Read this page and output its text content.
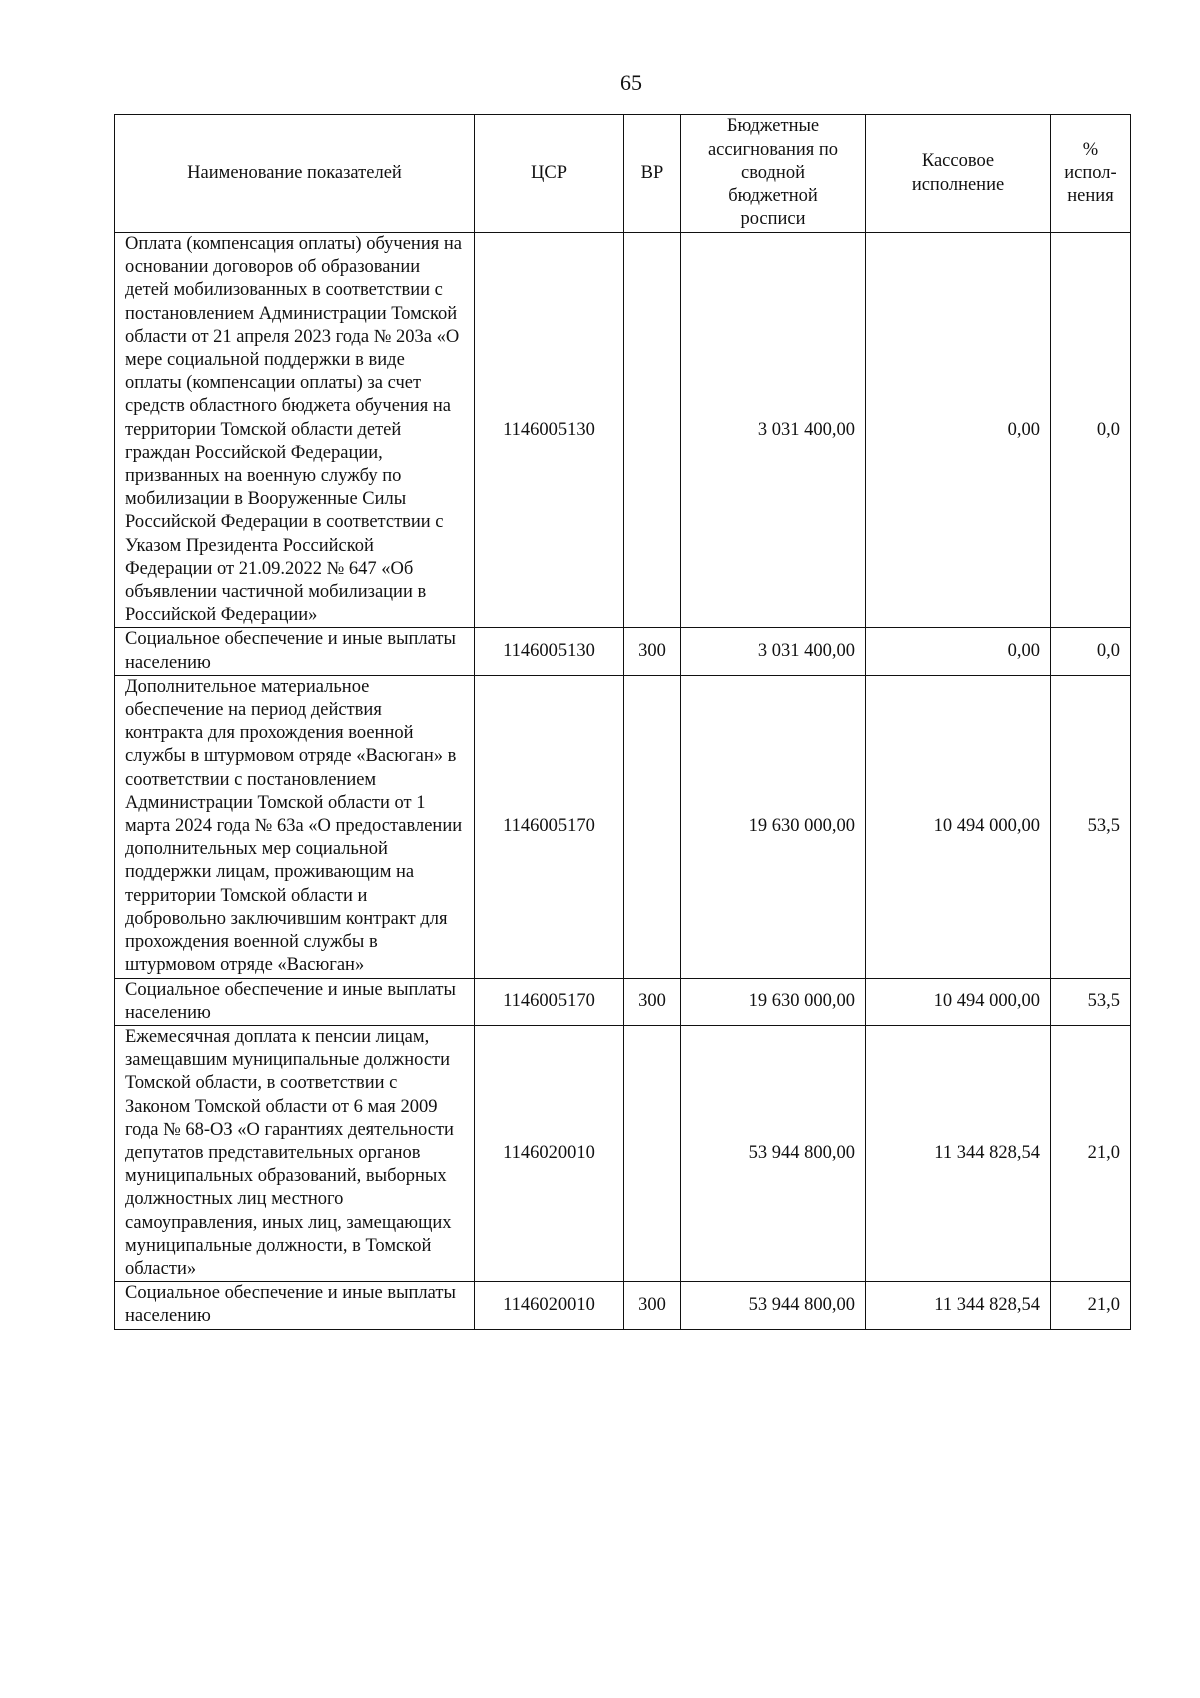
65
Наименование показателей	ЦСР	ВР	Бюджетные ассигнования по сводной бюджетной росписи	Кассовое исполнение	% испол-нения
Оплата (компенсация оплаты) обучения на основании договоров об образовании детей мобилизованных в соответствии с постановлением Администрации Томской области от 21 апреля 2023 года № 203а «О мере социальной поддержки в виде оплаты (компенсации оплаты) за счет средств областного бюджета обучения на территории Томской области детей граждан Российской Федерации, призванных на военную службу по мобилизации в Вооруженные Силы Российской Федерации в соответствии с Указом Президента Российской Федерации от 21.09.2022 № 647 «Об объявлении частичной мобилизации в Российской Федерации»	1146005130		3 031 400,00	0,00	0,0
Социальное обеспечение и иные выплаты населению	1146005130	300	3 031 400,00	0,00	0,0
Дополнительное материальное обеспечение на период действия контракта для прохождения военной службы в штурмовом отряде «Васюган» в соответствии с постановлением Администрации Томской области от 1 марта 2024 года № 63а «О предоставлении дополнительных мер социальной поддержки лицам, проживающим на территории Томской области и добровольно заключившим контракт для прохождения военной службы в штурмовом отряде «Васюган»	1146005170		19 630 000,00	10 494 000,00	53,5
Социальное обеспечение и иные выплаты населению	1146005170	300	19 630 000,00	10 494 000,00	53,5
Ежемесячная доплата к пенсии лицам, замещавшим муниципальные должности Томской области, в соответствии с Законом Томской области от 6 мая 2009 года № 68-ОЗ «О гарантиях деятельности депутатов представительных органов муниципальных образований, выборных должностных лиц местного самоуправления, иных лиц, замещающих муниципальные должности, в Томской области»	1146020010		53 944 800,00	11 344 828,54	21,0
Социальное обеспечение и иные выплаты населению	1146020010	300	53 944 800,00	11 344 828,54	21,0
